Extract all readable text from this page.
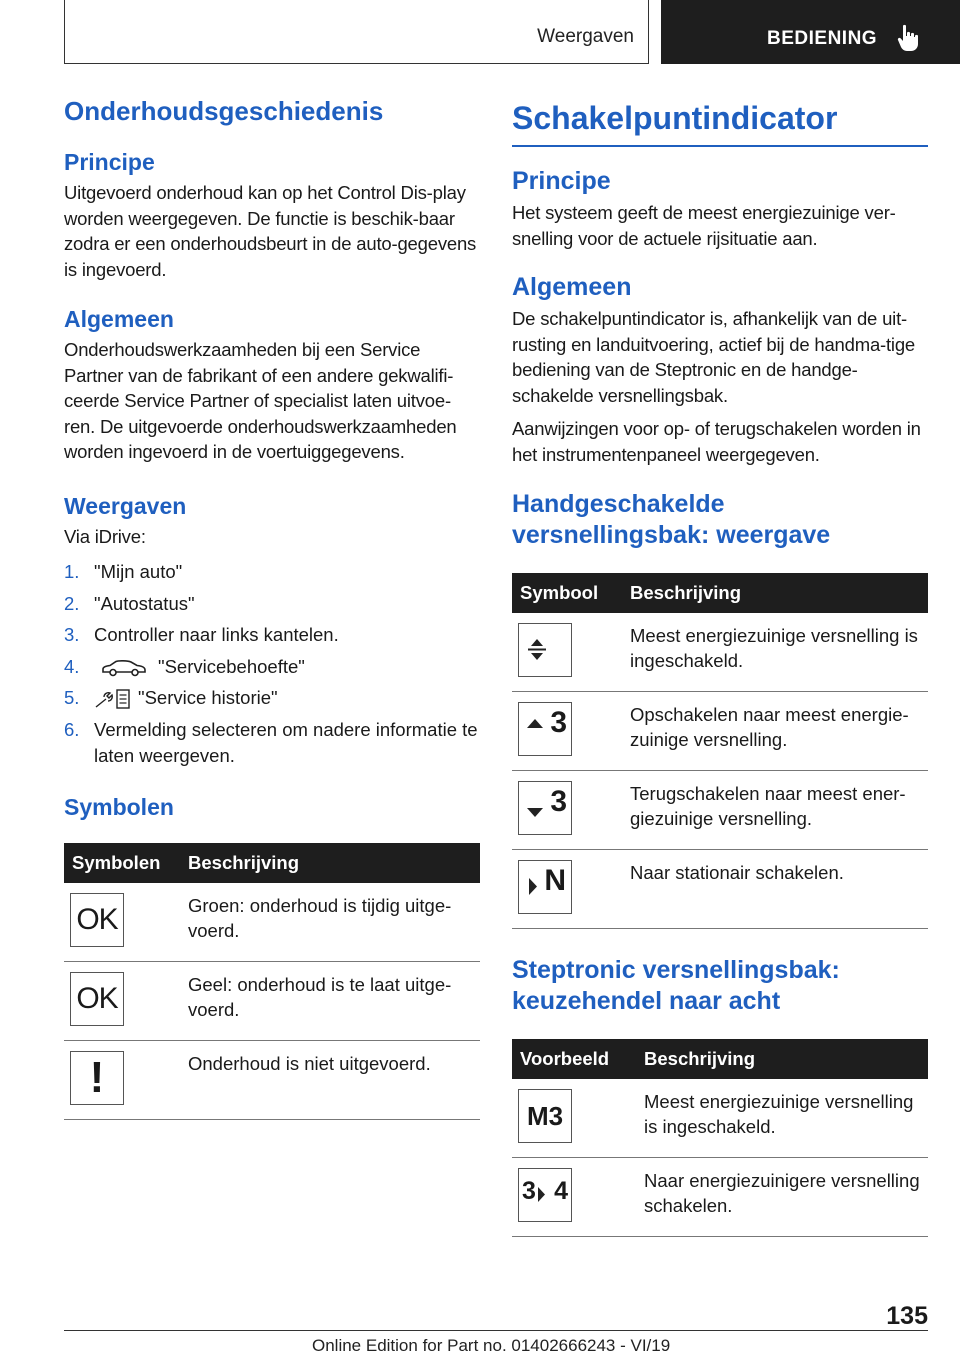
Weergaven	BEDIENING
Onderhoudsgeschiedenis
Principe

Uitgevoerd onderhoud kan op het Control Dis-play worden weergegeven. De functie is beschik-baar zodra er een onderhoudsbeurt in de auto-gegevens is ingevoerd.

Algemeen

Onderhoudswerkzaamheden bij een Service Partner van de fabrikant of een andere gekwalifi-ceerde Service Partner of specialist laten uitvoe-ren. De uitgevoerde onderhoudswerkzaamheden worden ingevoerd in de voertuiggegevens.

Weergaven

Via iDrive:

1. "Mijn auto"
2. "Autostatus"
3. Controller naar links kantelen.
4.	"Servicebehoefte"
5.	"Service historie"
6. Vermelding selecteren om nadere informatie te laten weergeven.
Symbolen
Symbolen	Beschrijving

OK	Groen: onderhoud is tijdig uitge-voerd.

OK	Geel: onderhoud is te laat uitge-voerd.

!	Onderhoud is niet uitgevoerd.
Schakelpuntindicator
Principe

Het systeem geeft de meest energiezuinige ver-snelling voor de actuele rijsituatie aan.

Algemeen

De schakelpuntindicator is, afhankelijk van de uit-rusting en landuitvoering, actief bij de handma-tige bediening van de Steptronic en de handge-schakelde versnellingsbak.

Aanwijzingen voor op- of terugschakelen worden in het instrumentenpaneel weergegeven.

Handgeschakelde
versnellingsbak: weergave
Symbool	Beschrijving

	Meest energiezuinige versnelling is ingeschakeld.

3	Opschakelen naar meest energie-zuinige versnelling.

3	Terugschakelen naar meest ener-giezuinige versnelling.

N	Naar stationair schakelen.
Steptronic versnellingsbak:
keuzehendel naar acht
Voorbeeld	Beschrijving

M3	Meest energiezuinige versnelling is ingeschakeld.

3 4	Naar energiezuinigere versnelling schakelen.
135
Online Edition for Part no. 01402666243 - VI/19
